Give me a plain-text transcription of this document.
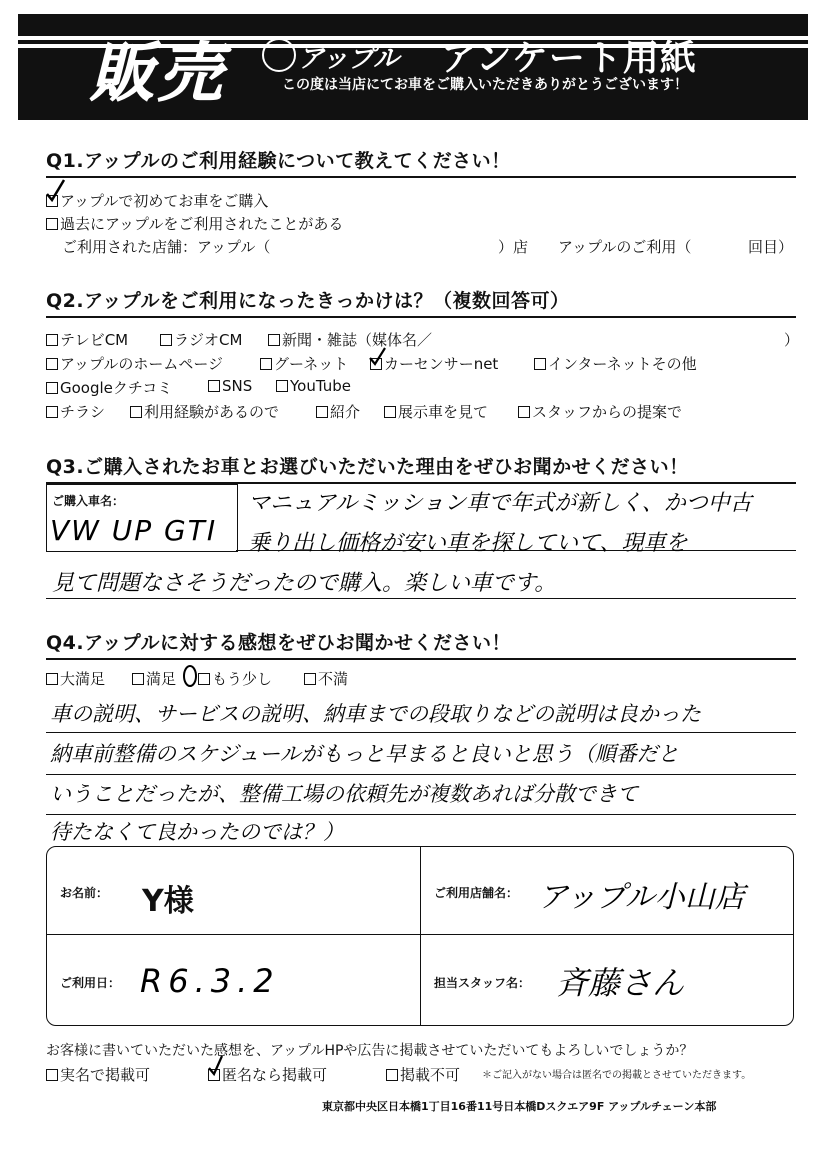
販売	アップル アンケート用紙
この度は当店にてお車をご購入いただきありがとうございます！
Q1.アップルのご利用経験について教えてください！
アップルで初めてお車をご購入
過去にアップルをご利用されたことがある
ご利用された店舗：アップル（	）店 アップルのご利用（	回目）
Q2.アップルをご利用になったきっかけは？（複数回答可）
テレビCM	ラジオCM	新聞・雑誌（媒体名／	）
アップルのホームページ	グーネット	カーセンサーnet	インターネットその他
Googleクチコミ	SNS	YouTube
チラシ	利用経験があるので	紹介	展示車を見て	スタッフからの提案で
Q3.ご購入されたお車とお選びいただいた理由をぜひお聞かせください！
ご購入車名：
VW UP GTI
マニュアルミッション車で年式が新しく、かつ中古
乗り出し価格が安い車を探していて、現車を
見て問題なさそうだったので購入。楽しい車です。
Q4.アップルに対する感想をぜひお聞かせください！
大満足	満足 ○ もう少し	不満
車の説明、サービスの説明、納車までの段取りなどの説明は良かった
納車前整備のスケジュールがもっと早まると良いと思う（順番だと
いうことだったが、整備工場の依頼先が複数あれば分散できて
待たなくて良かったのでは？）
お名前： Y様	ご利用店舗名： アップル小山店
ご利用日： R6.3.2	担当スタッフ名： 斉藤さん
お客様に書いていただいた感想を、アップルHPや広告に掲載させていただいてもよろしいでしょうか？
実名で掲載可	匿名なら掲載可	掲載不可 ＊ご記入がない場合は匿名での掲載とさせていただきます。
東京都中央区日本橋1丁目16番11号日本橋Dスクエア9F アップルチェーン本部
